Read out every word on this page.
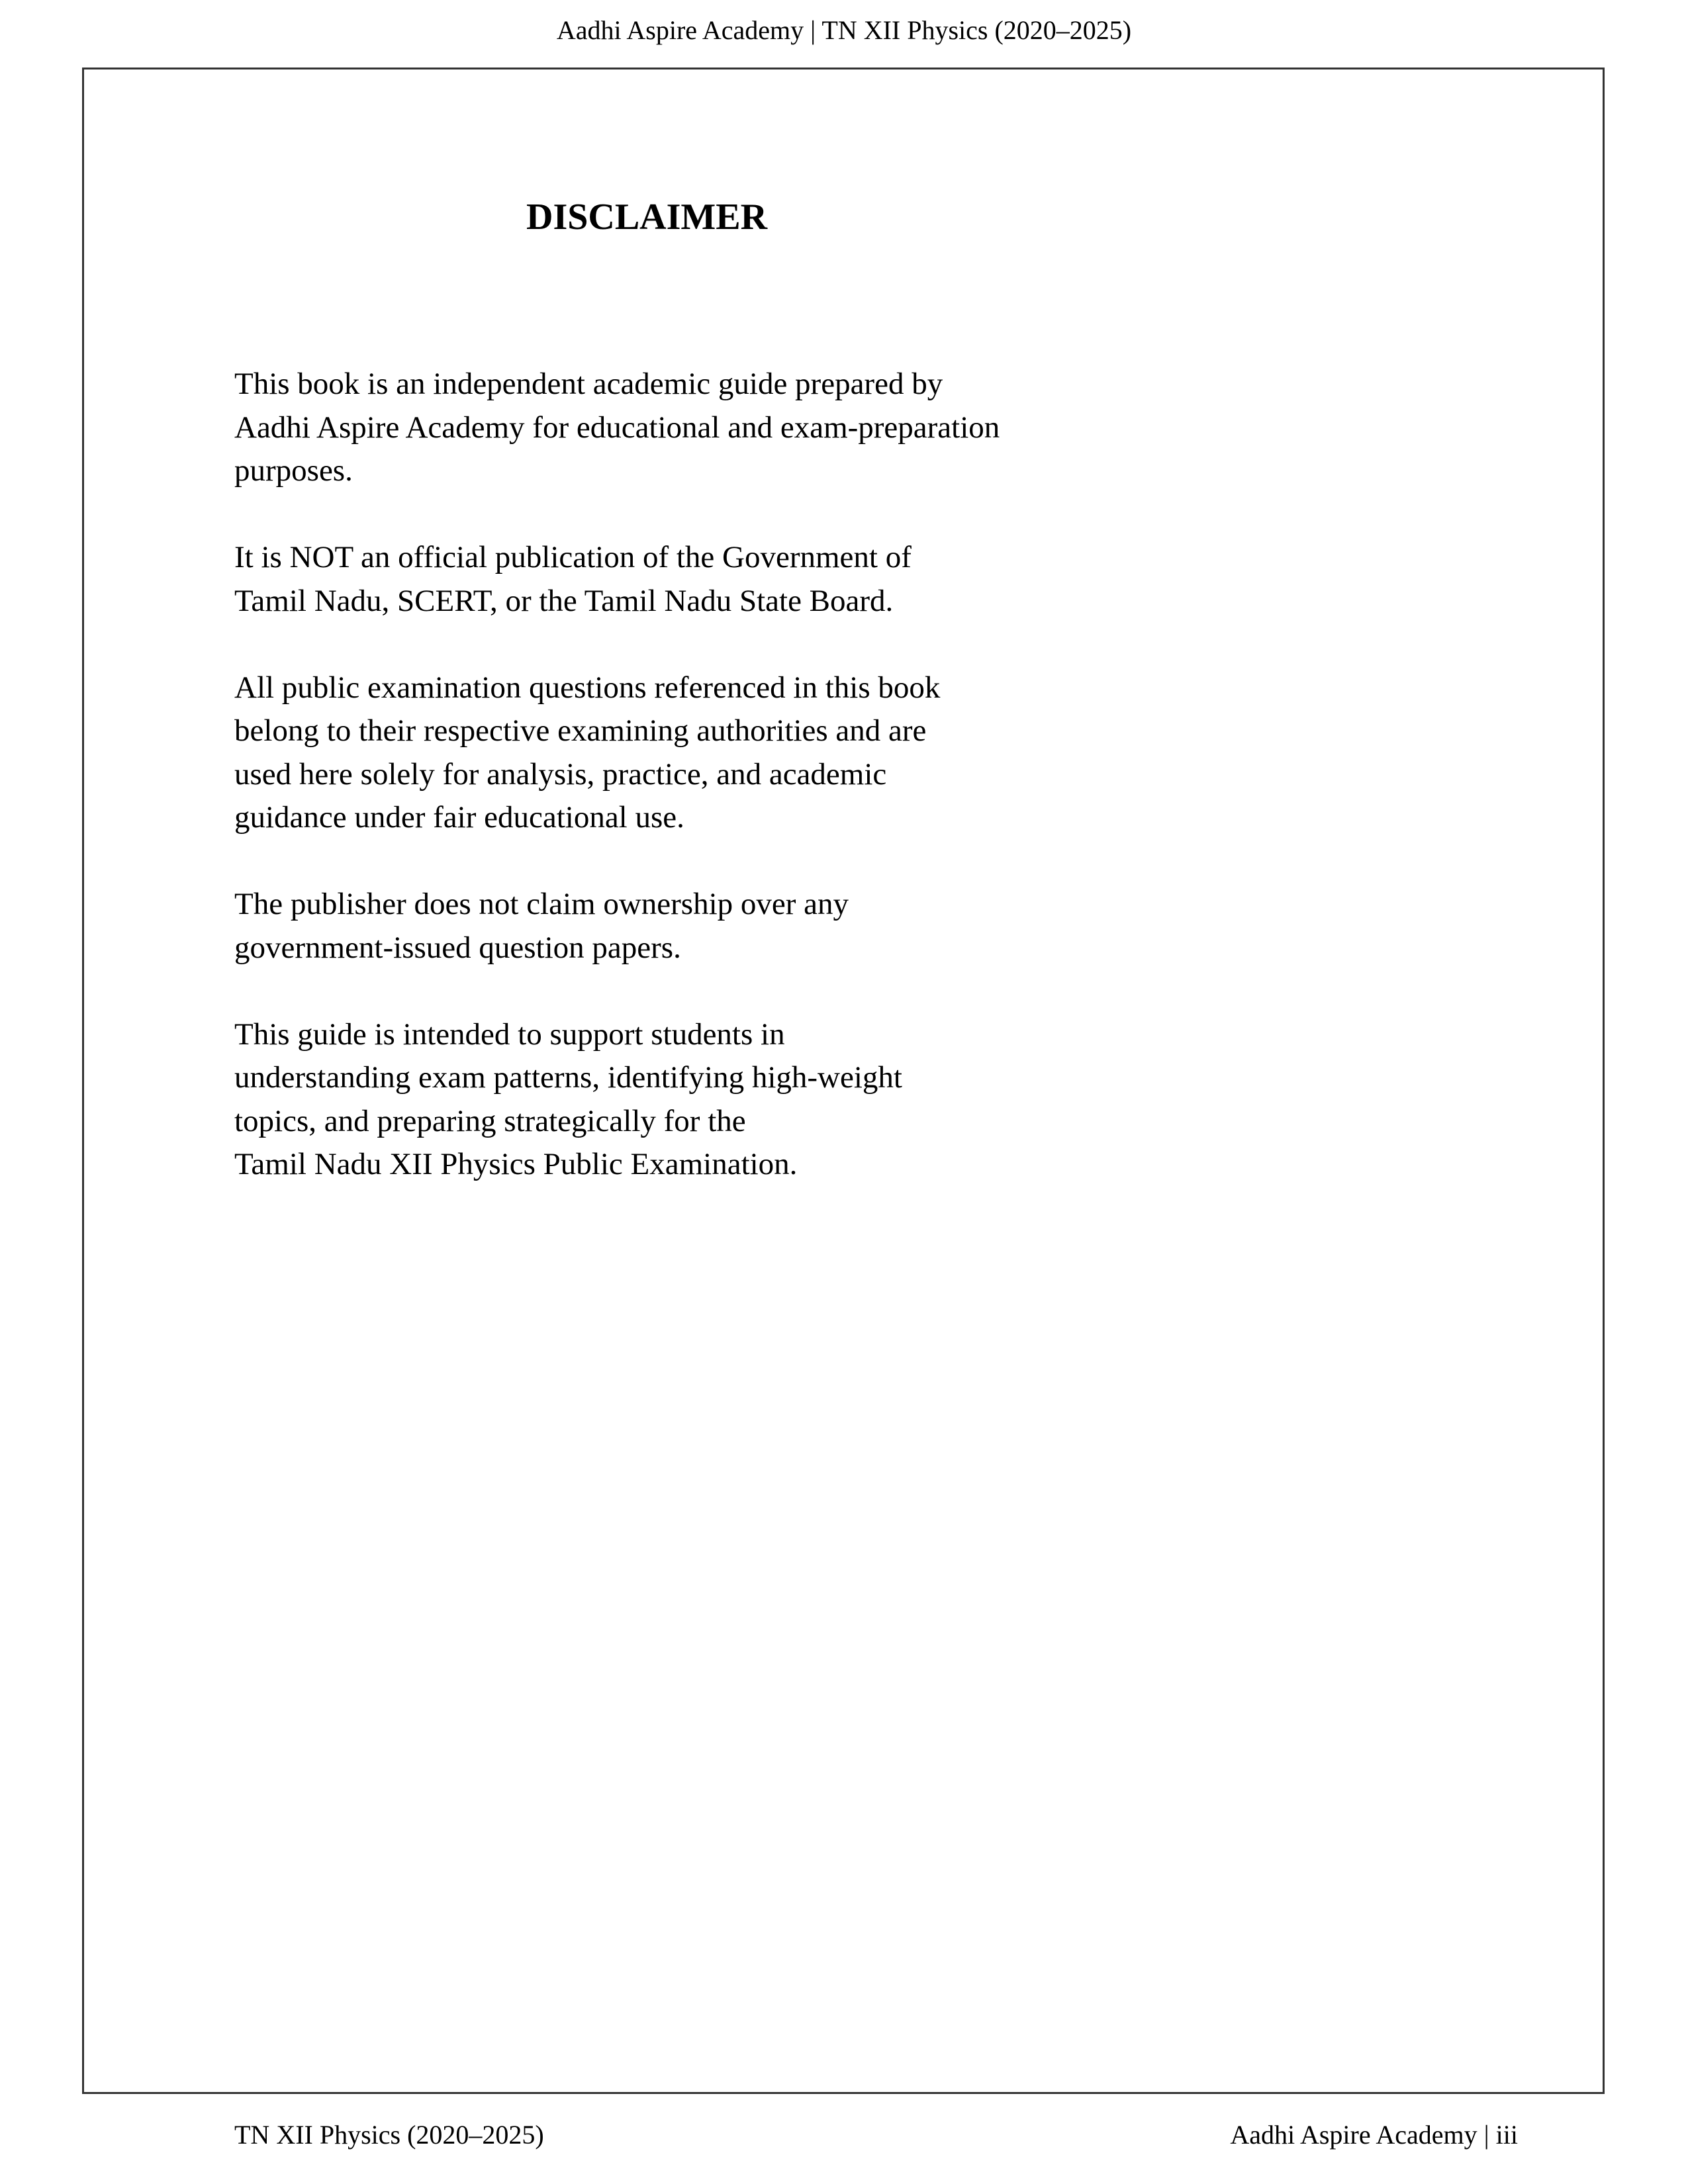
Aadhi Aspire Academy | TN XII Physics (2020–2025)
DISCLAIMER

This book is an independent academic guide prepared by
Aadhi Aspire Academy for educational and exam-preparation
purposes.

It is NOT an official publication of the Government of
Tamil Nadu, SCERT, or the Tamil Nadu State Board.

All public examination questions referenced in this book
belong to their respective examining authorities and are
used here solely for analysis, practice, and academic
guidance under fair educational use.

The publisher does not claim ownership over any
government-issued question papers.

This guide is intended to support students in
understanding exam patterns, identifying high-weight
topics, and preparing strategically for the
Tamil Nadu XII Physics Public Examination.

TN XII Physics (2020–2025)	Aadhi Aspire Academy | iii
